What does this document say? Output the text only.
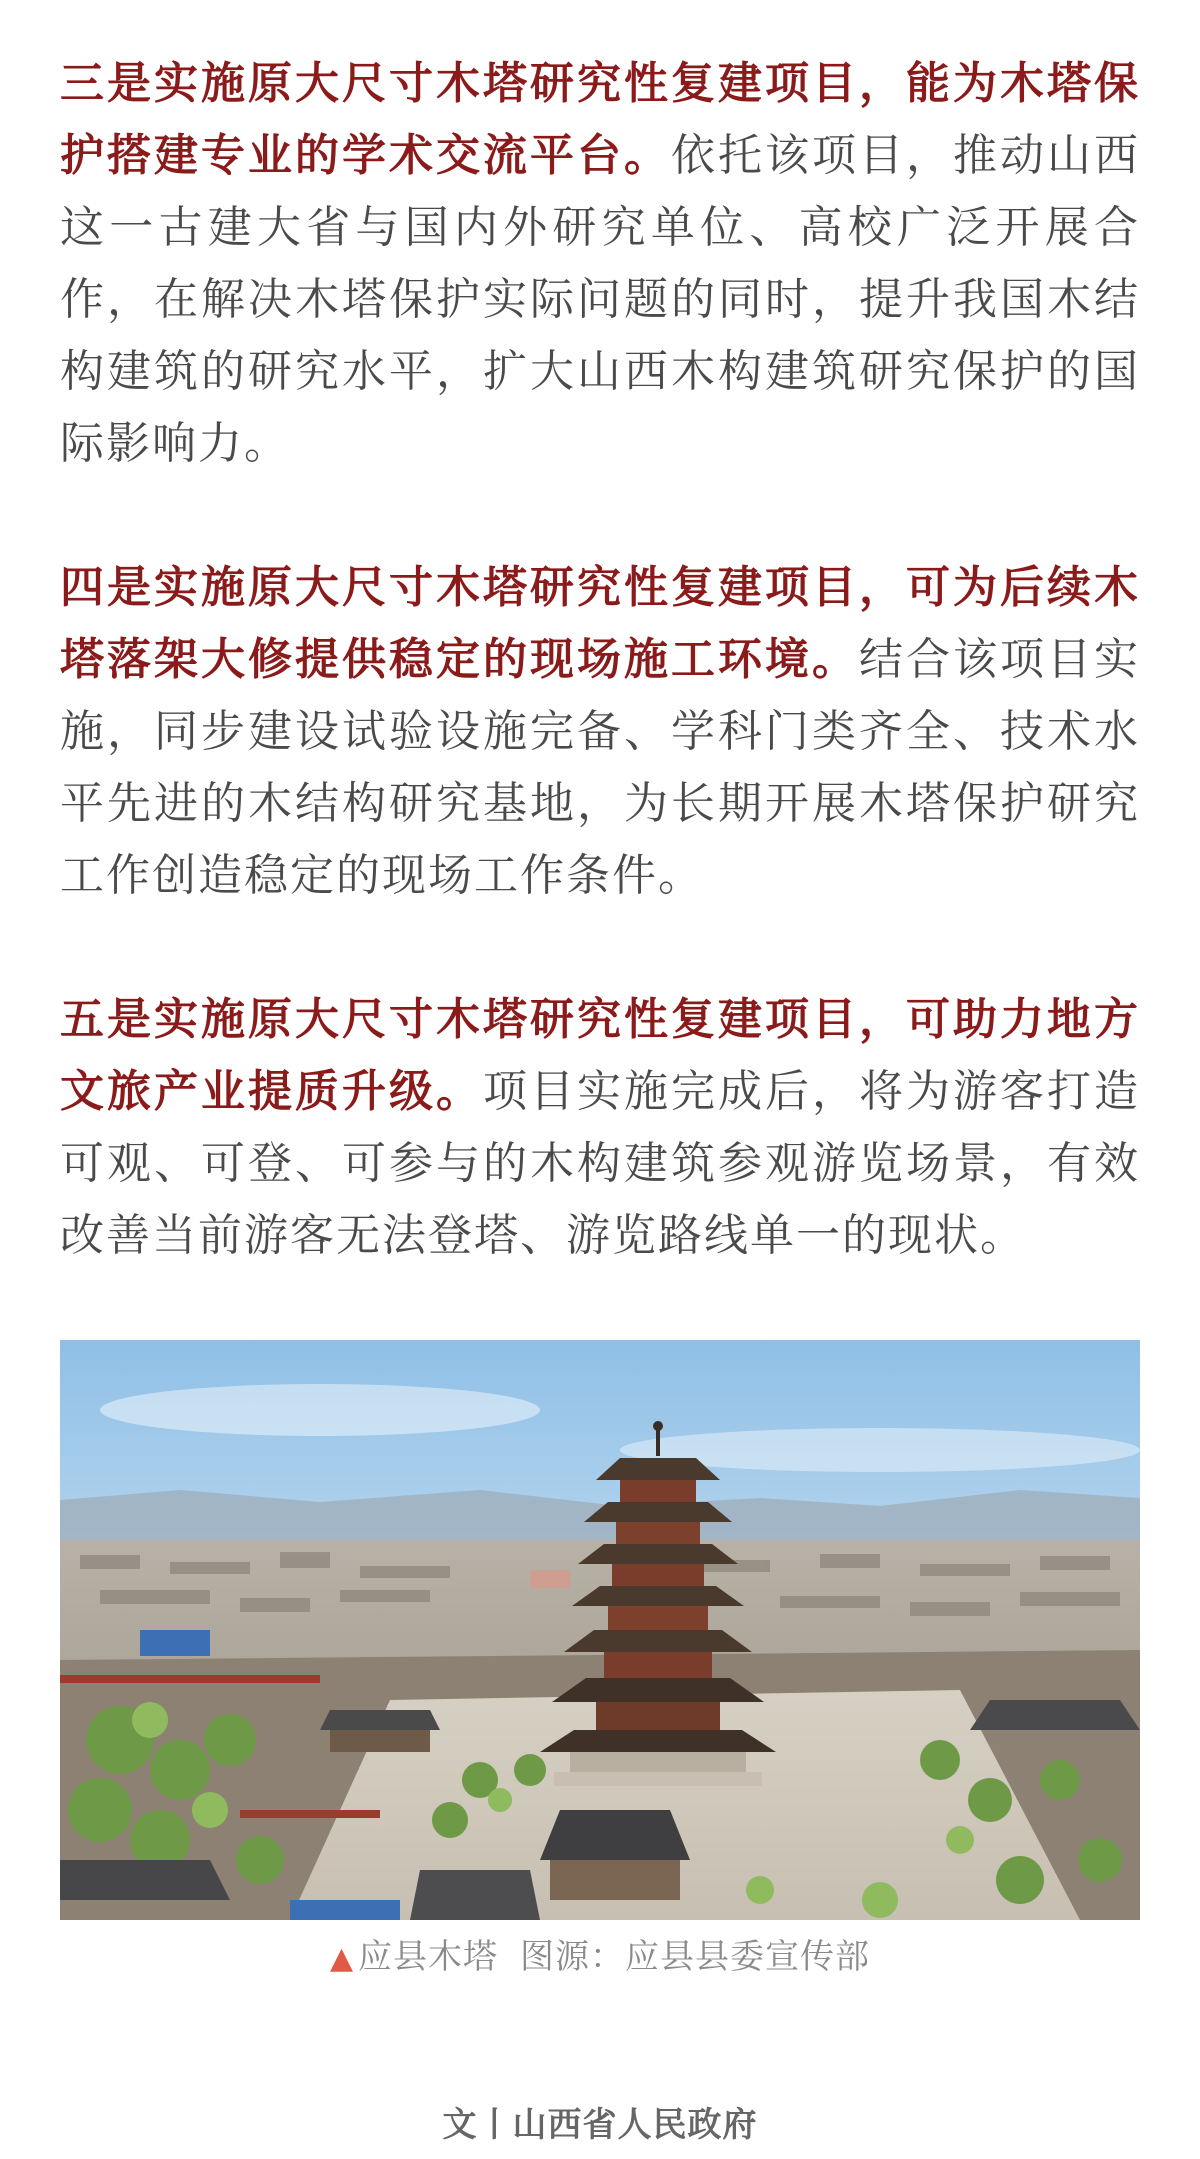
三是实施原大尺寸木塔研究性复建项目，能为木塔保护搭建专业的学术交流平台。依托该项目，推动山西这一古建大省与国内外研究单位、高校广泛开展合作，在解决木塔保护实际问题的同时，提升我国木结构建筑的研究水平，扩大山西木构建筑研究保护的国际影响力。

四是实施原大尺寸木塔研究性复建项目，可为后续木塔落架大修提供稳定的现场施工环境。结合该项目实施，同步建设试验设施完备、学科门类齐全、技术水平先进的木结构研究基地，为长期开展木塔保护研究工作创造稳定的现场工作条件。

五是实施原大尺寸木塔研究性复建项目，可助力地方文旅产业提质升级。项目实施完成后，将为游客打造可观、可登、可参与的木构建筑参观游览场景，有效改善当前游客无法登塔、游览路线单一的现状。

▲ 应县木塔 图源：应县县委宣传部
文丨山西省人民政府
